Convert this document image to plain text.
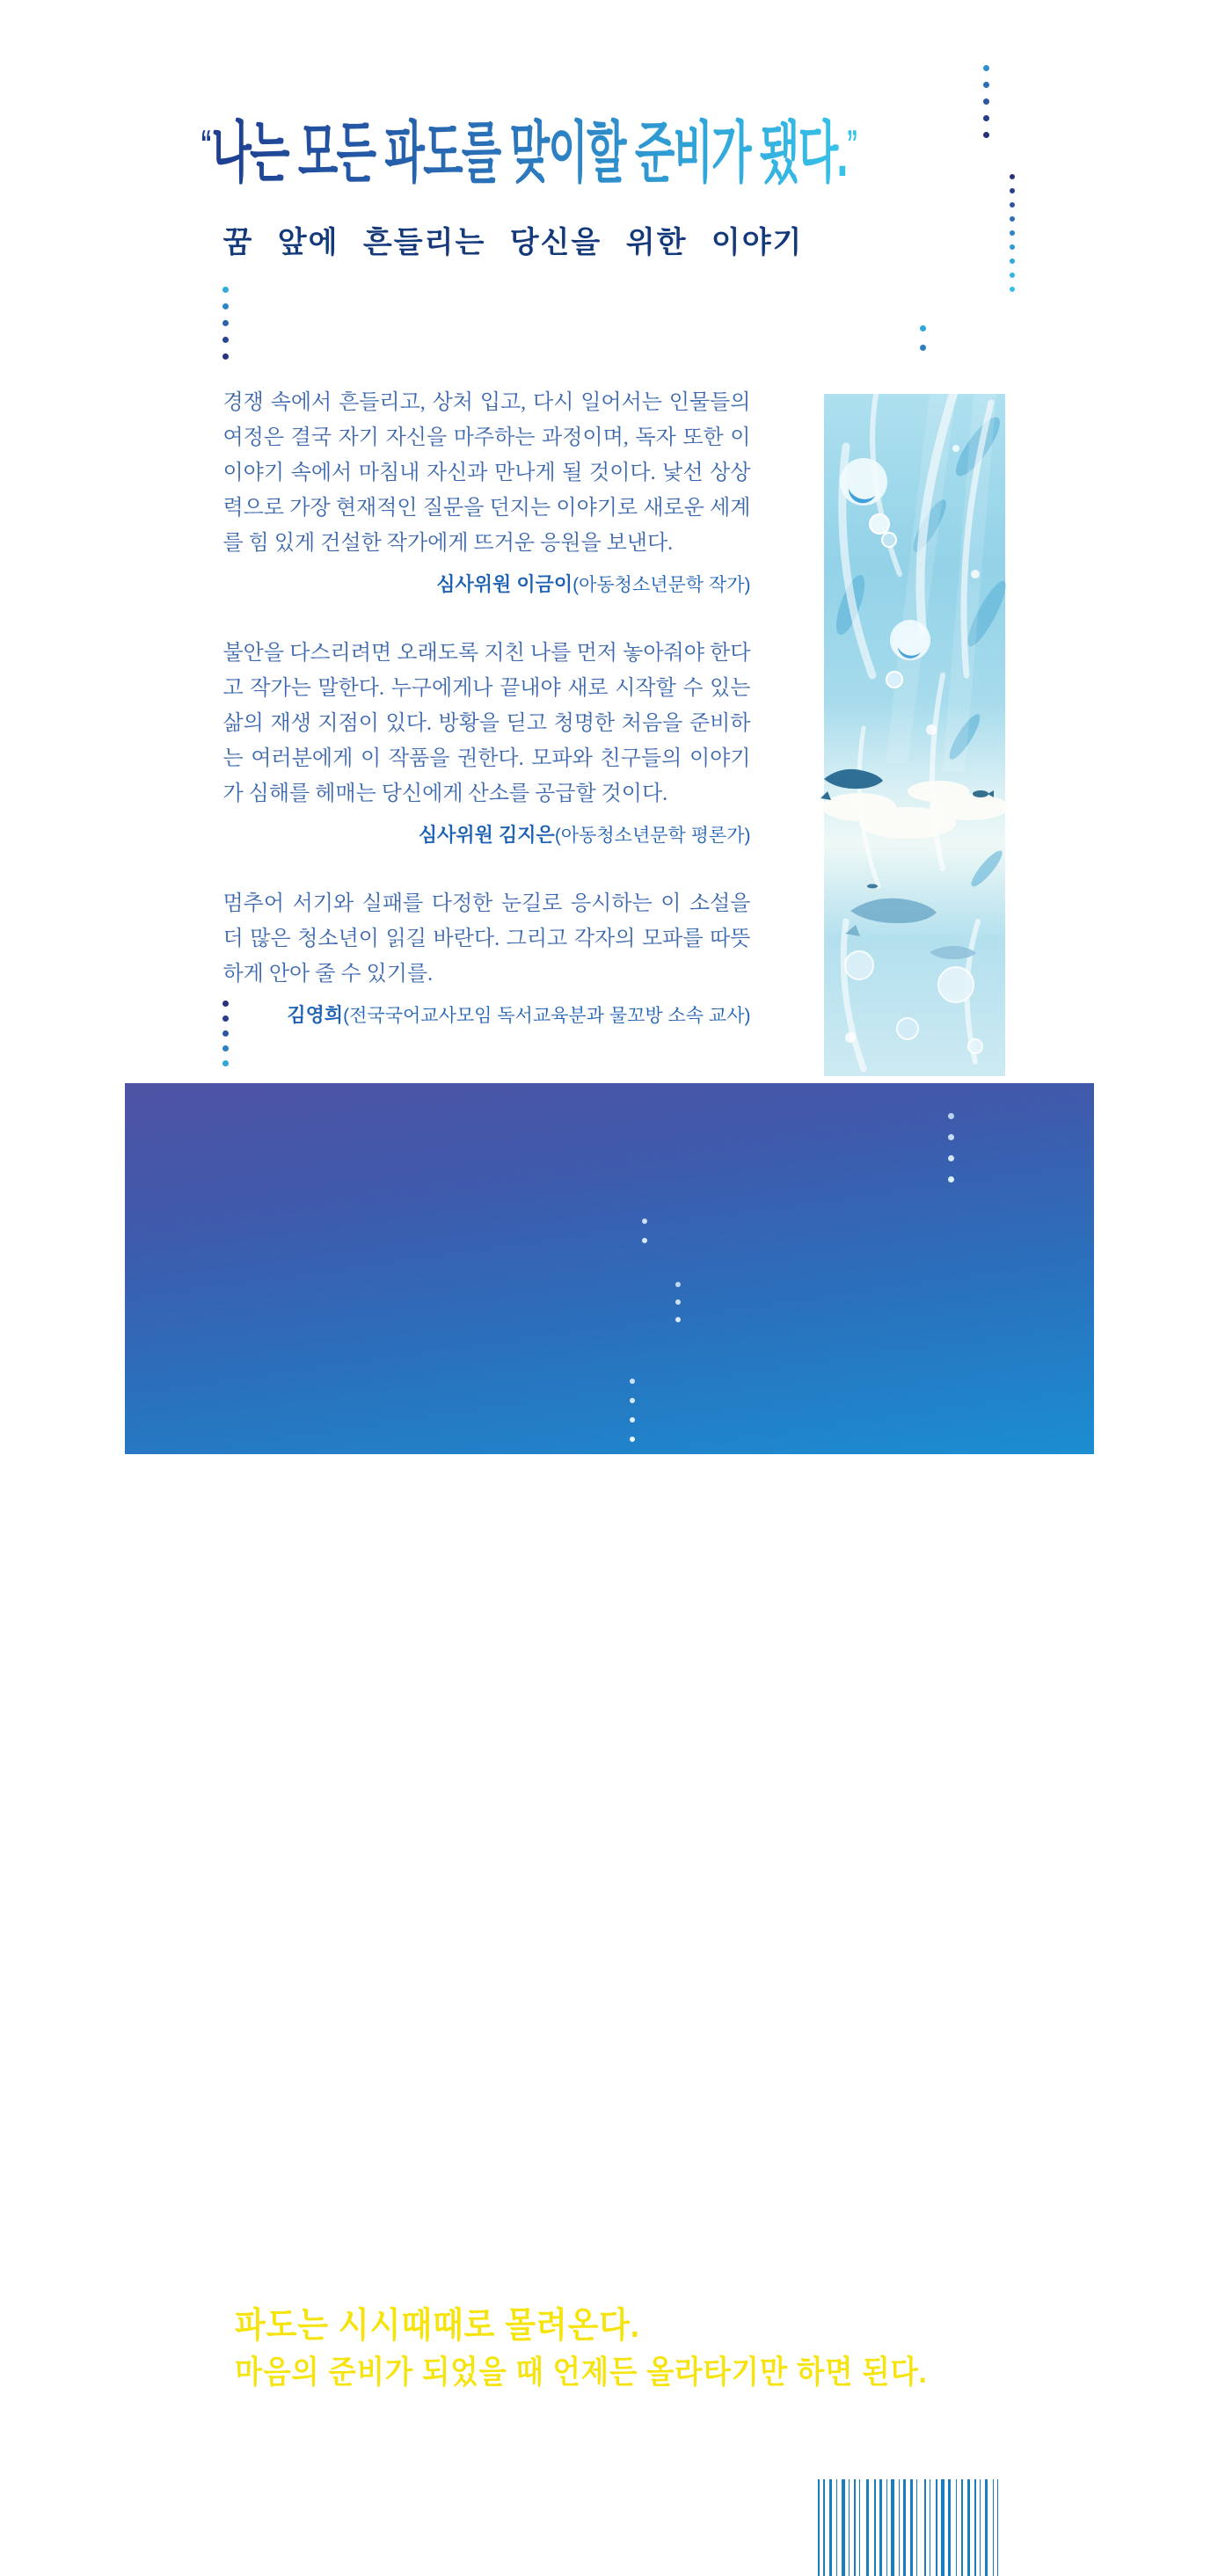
“나는 모든 파도를 맞이할 준비가 됐다.”
꿈 앞에 흔들리는 당신을 위한 이야기

경쟁 속에서 흔들리고, 상처 입고, 다시 일어서는 인물들의 여정은 결국 자기 자신을 마주하는 과정이며, 독자 또한 이 이야기 속에서 마침내 자신과 만나게 될 것이다. 낯선 상상력으로 가장 현재적인 질문을 던지는 이야기로 새로운 세계를 힘 있게 건설한 작가에게 뜨거운 응원을 보낸다.

심사위원 이금이(아동청소년문학 작가)

불안을 다스리려면 오래도록 지친 나를 먼저 놓아줘야 한다고 작가는 말한다. 누구에게나 끝내야 새로 시작할 수 있는 삶의 재생 지점이 있다. 방황을 딛고 청명한 처음을 준비하는 여러분에게 이 작품을 권한다. 모파와 친구들의 이야기가 심해를 헤매는 당신에게 산소를 공급할 것이다.

심사위원 김지은(아동청소년문학 평론가)

멈추어 서기와 실패를 다정한 눈길로 응시하는 이 소설을 더 많은 청소년이 읽길 바란다. 그리고 각자의 모파를 따뜻하게 안아 줄 수 있기를.

김영희(전국국어교사모임 독서교육분과 물꼬방 소속 교사)

파도는 시시때때로 몰려온다.
마음의 준비가 되었을 때 언제든 올라타기만 하면 된다.
작가의 말 중에서	값 15,000원
ISBN 978-89-364-5747-1 43810
